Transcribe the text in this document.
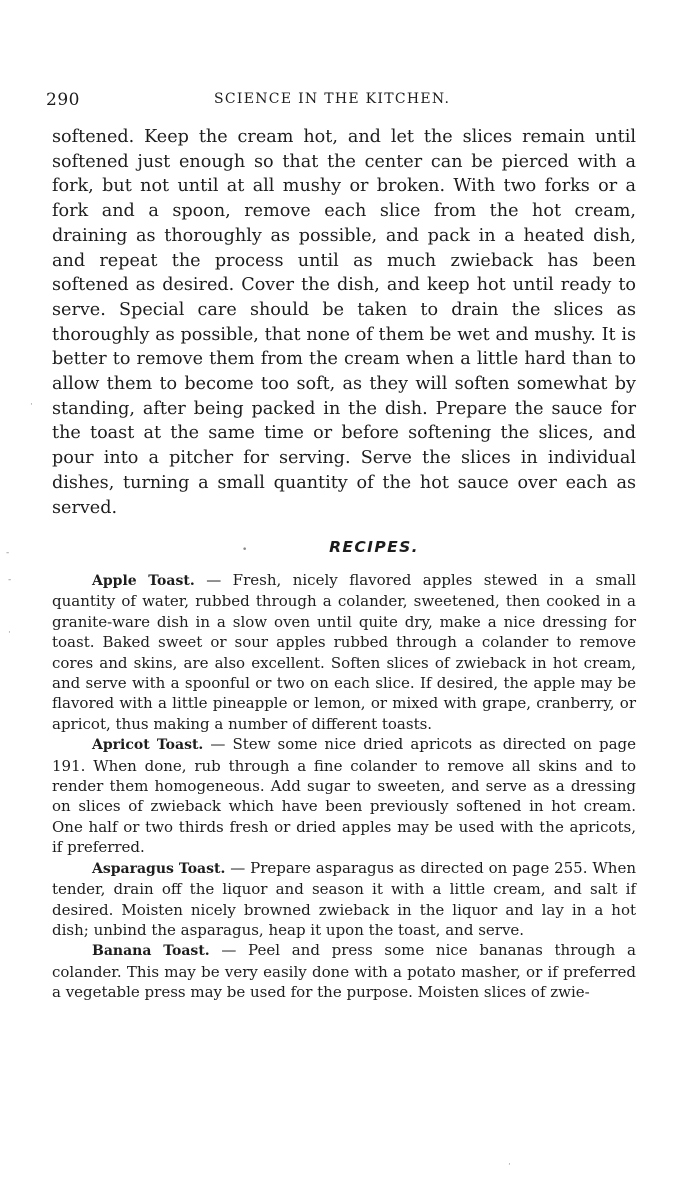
290	SCIENCE IN THE KITCHEN.

softened. Keep the cream hot, and let the slices remain until softened just enough so that the center can be pierced with a fork, but not until at all mushy or broken. With two forks or a fork and a spoon, remove each slice from the hot cream, draining as thoroughly as possible, and pack in a heated dish, and repeat the process until as much zwieback has been softened as desired. Cover the dish, and keep hot until ready to serve. Special care should be taken to drain the slices as thoroughly as possible, that none of them be wet and mushy. It is better to remove them from the cream when a little hard than to allow them to become too soft, as they will soften somewhat by standing, after being packed in the dish. Prepare the sauce for the toast at the same time or before softening the slices, and pour into a pitcher for serving. Serve the slices in individual dishes, turning a small quantity of the hot sauce over each as served.

RECIPES.

Apple Toast. — Fresh, nicely flavored apples stewed in a small quantity of water, rubbed through a colander, sweetened, then cooked in a granite-ware dish in a slow oven until quite dry, make a nice dressing for toast. Baked sweet or sour apples rubbed through a colander to remove cores and skins, are also excellent. Soften slices of zwieback in hot cream, and serve with a spoonful or two on each slice. If desired, the apple may be flavored with a little pineapple or lemon, or mixed with grape, cranberry, or apricot, thus making a number of different toasts.

Apricot Toast. — Stew some nice dried apricots as directed on page 191. When done, rub through a fine colander to remove all skins and to render them homogeneous. Add sugar to sweeten, and serve as a dressing on slices of zwieback which have been previously softened in hot cream. One half or two thirds fresh or dried apples may be used with the apricots, if preferred.

Asparagus Toast. — Prepare asparagus as directed on page 255. When tender, drain off the liquor and season it with a little cream, and salt if desired. Moisten nicely browned zwieback in the liquor and lay in a hot dish; unbind the asparagus, heap it upon the toast, and serve.

Banana Toast. — Peel and press some nice bananas through a colander. This may be very easily done with a potato masher, or if preferred a vegetable press may be used for the purpose. Moisten slices of zwie-

-
-
·
·
•
·
